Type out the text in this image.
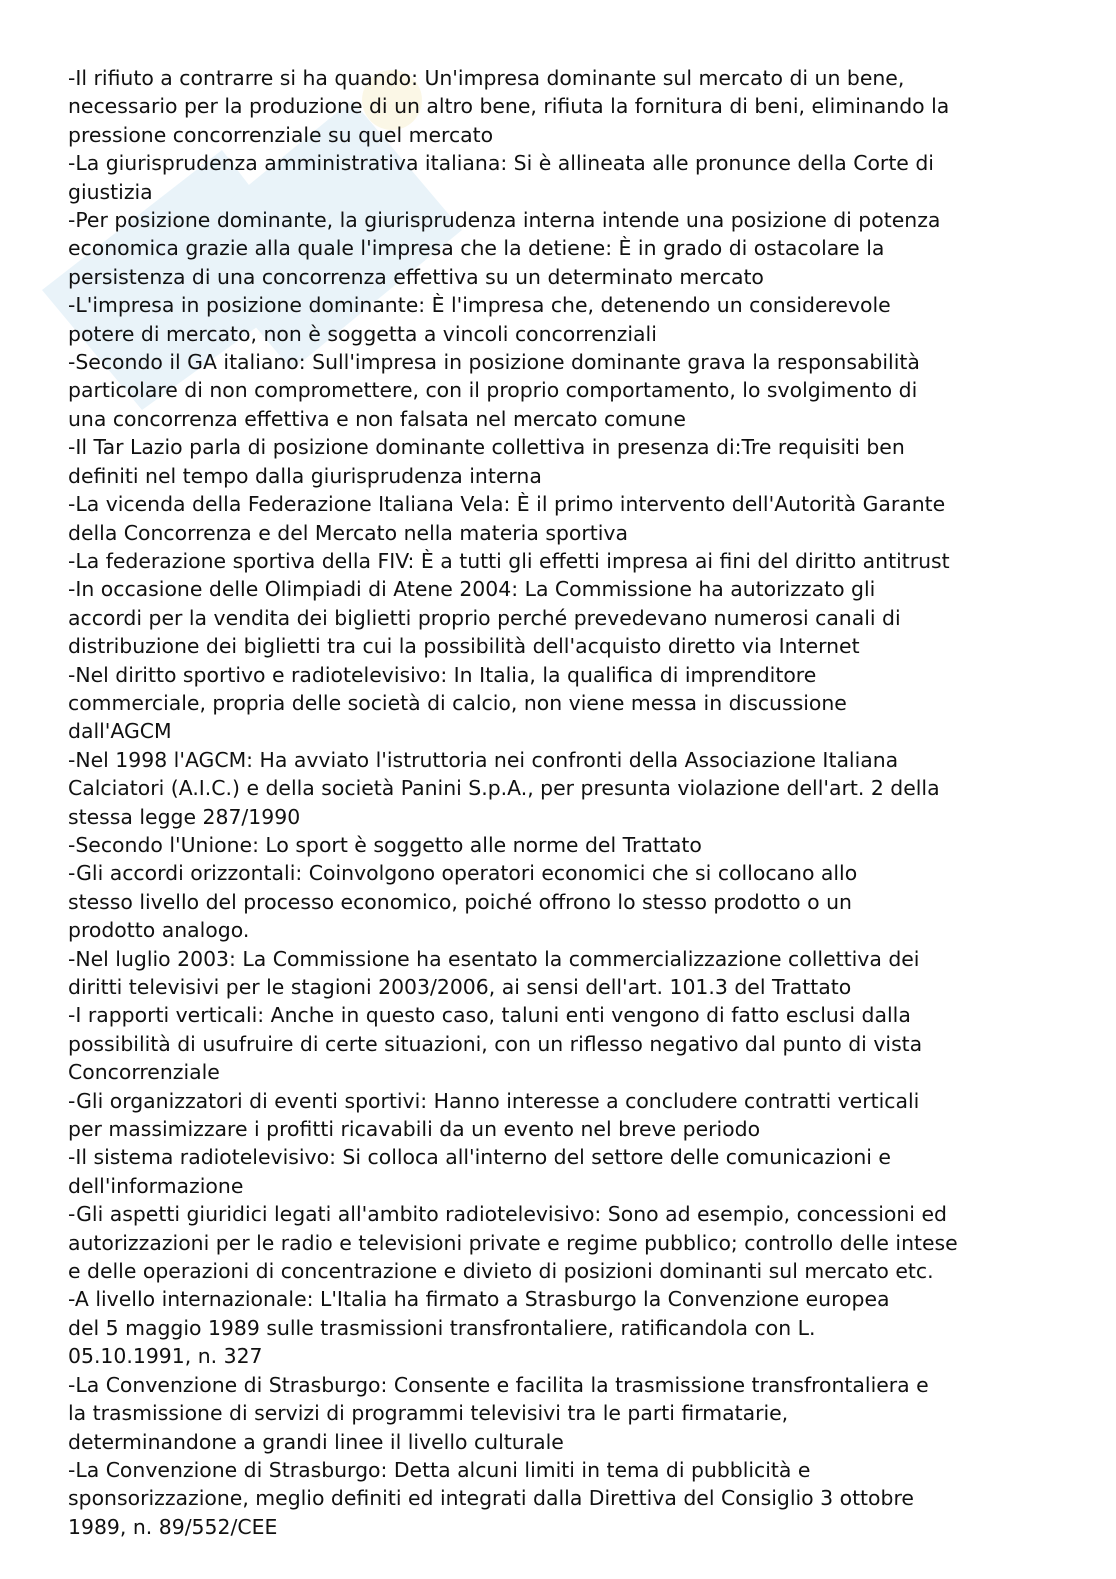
-Il rifiuto a contrarre si ha quando: Un'impresa dominante sul mercato di un bene,

necessario per la produzione di un altro bene, rifiuta la fornitura di beni, eliminando la

pressione concorrenziale su quel mercato

-La giurisprudenza amministrativa italiana: Si è allineata alle pronunce della Corte di

giustizia

-Per posizione dominante, la giurisprudenza interna intende una posizione di potenza

economica grazie alla quale l'impresa che la detiene: È in grado di ostacolare la

persistenza di una concorrenza effettiva su un determinato mercato

-L'impresa in posizione dominante: È l'impresa che, detenendo un considerevole

potere di mercato, non è soggetta a vincoli concorrenziali

-Secondo il GA italiano: Sull'impresa in posizione dominante grava la responsabilità

particolare di non compromettere, con il proprio comportamento, lo svolgimento di

una concorrenza effettiva e non falsata nel mercato comune

-Il Tar Lazio parla di posizione dominante collettiva in presenza di:Tre requisiti ben

definiti nel tempo dalla giurisprudenza interna

-La vicenda della Federazione Italiana Vela: È il primo intervento dell'Autorità Garante

della Concorrenza e del Mercato nella materia sportiva

-La federazione sportiva della FIV: È a tutti gli effetti impresa ai fini del diritto antitrust

-In occasione delle Olimpiadi di Atene 2004: La Commissione ha autorizzato gli

accordi per la vendita dei biglietti proprio perché prevedevano numerosi canali di

distribuzione dei biglietti tra cui la possibilità dell'acquisto diretto via Internet

-Nel diritto sportivo e radiotelevisivo: In Italia, la qualifica di imprenditore

commerciale, propria delle società di calcio, non viene messa in discussione

dall'AGCM

-Nel 1998 l'AGCM: Ha avviato l'istruttoria nei confronti della Associazione Italiana

Calciatori (A.I.C.) e della società Panini S.p.A., per presunta violazione dell'art. 2 della

stessa legge 287/1990

-Secondo l'Unione: Lo sport è soggetto alle norme del Trattato

-Gli accordi orizzontali: Coinvolgono operatori economici che si collocano allo

stesso livello del processo economico, poiché offrono lo stesso prodotto o un

prodotto analogo.

-Nel luglio 2003: La Commissione ha esentato la commercializzazione collettiva dei

diritti televisivi per le stagioni 2003/2006, ai sensi dell'art. 101.3 del Trattato

-I rapporti verticali: Anche in questo caso, taluni enti vengono di fatto esclusi dalla

possibilità di usufruire di certe situazioni, con un riflesso negativo dal punto di vista

Concorrenziale

-Gli organizzatori di eventi sportivi: Hanno interesse a concludere contratti verticali

per massimizzare i profitti ricavabili da un evento nel breve periodo

-Il sistema radiotelevisivo: Si colloca all'interno del settore delle comunicazioni e

dell'informazione

-Gli aspetti giuridici legati all'ambito radiotelevisivo: Sono ad esempio, concessioni ed

autorizzazioni per le radio e televisioni private e regime pubblico; controllo delle intese

e delle operazioni di concentrazione e divieto di posizioni dominanti sul mercato etc.

-A livello internazionale: L'Italia ha firmato a Strasburgo la Convenzione europea

del 5 maggio 1989 sulle trasmissioni transfrontaliere, ratificandola con L.

05.10.1991, n. 327

-La Convenzione di Strasburgo: Consente e facilita la trasmissione transfrontaliera e

la trasmissione di servizi di programmi televisivi tra le parti firmatarie,

determinandone a grandi linee il livello culturale

-La Convenzione di Strasburgo: Detta alcuni limiti in tema di pubblicità e

sponsorizzazione, meglio definiti ed integrati dalla Direttiva del Consiglio 3 ottobre

1989, n. 89/552/CEE
